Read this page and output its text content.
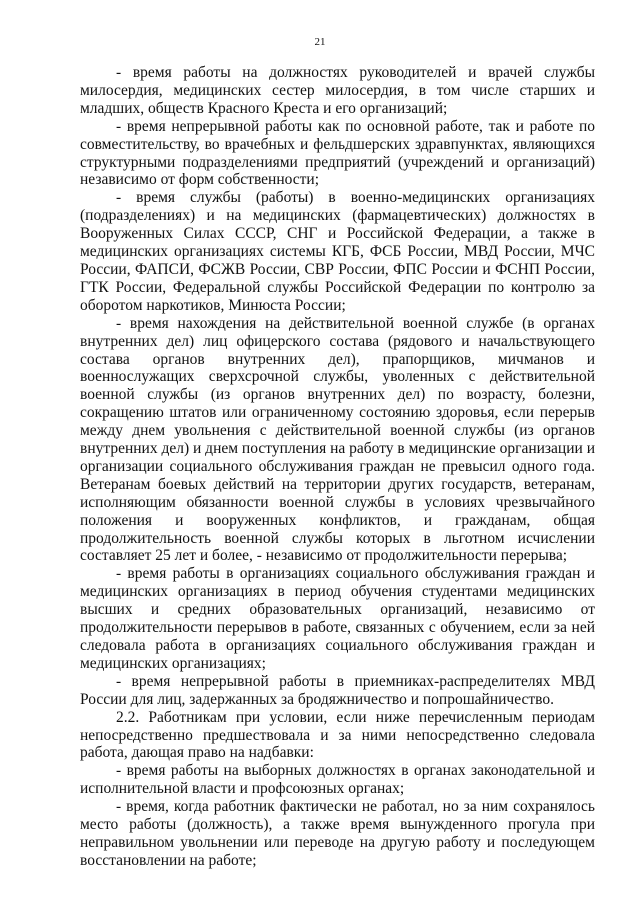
21

- время работы на должностях руководителей и врачей службы милосердия, медицинских сестер милосердия, в том числе старших и младших, обществ Красного Креста и его организаций;

- время непрерывной работы как по основной работе, так и работе по совместительству, во врачебных и фельдшерских здравпунктах, являющихся структурными подразделениями предприятий (учреждений и организаций) независимо от форм собственности;

- время службы (работы) в военно-медицинских организациях (подразделениях) и на медицинских (фармацевтических) должностях в Вооруженных Силах СССР, СНГ и Российской Федерации, а также в медицинских организациях системы КГБ, ФСБ России, МВД России, МЧС России, ФАПСИ, ФСЖВ России, СВР России, ФПС России и ФСНП России, ГТК России, Федеральной службы Российской Федерации по контролю за оборотом наркотиков, Минюста России;

- время нахождения на действительной военной службе (в органах внутренних дел) лиц офицерского состава (рядового и начальствующего состава органов внутренних дел), прапорщиков, мичманов и военнослужащих сверхсрочной службы, уволенных с действительной военной службы (из органов внутренних дел) по возрасту, болезни, сокращению штатов или ограниченному состоянию здоровья, если перерыв между днем увольнения с действительной военной службы (из органов внутренних дел) и днем поступления на работу в медицинские организации и организации социального обслуживания граждан не превысил одного года. Ветеранам боевых действий на территории других государств, ветеранам, исполняющим обязанности военной службы в условиях чрезвычайного положения и вооруженных конфликтов, и гражданам, общая продолжительность военной службы которых в льготном исчислении составляет 25 лет и более, - независимо от продолжительности перерыва;

- время работы в организациях социального обслуживания граждан и медицинских организациях в период обучения студентами медицинских высших и средних образовательных организаций, независимо от продолжительности перерывов в работе, связанных с обучением, если за ней следовала работа в организациях социального обслуживания граждан и медицинских организациях;

- время непрерывной работы в приемниках-распределителях МВД России для лиц, задержанных за бродяжничество и попрошайничество.

2.2. Работникам при условии, если ниже перечисленным периодам непосредственно предшествовала и за ними непосредственно следовала работа, дающая право на надбавки:

- время работы на выборных должностях в органах законодательной и исполнительной власти и профсоюзных органах;

- время, когда работник фактически не работал, но за ним сохранялось место работы (должность), а также время вынужденного прогула при неправильном увольнении или переводе на другую работу и последующем восстановлении на работе;
